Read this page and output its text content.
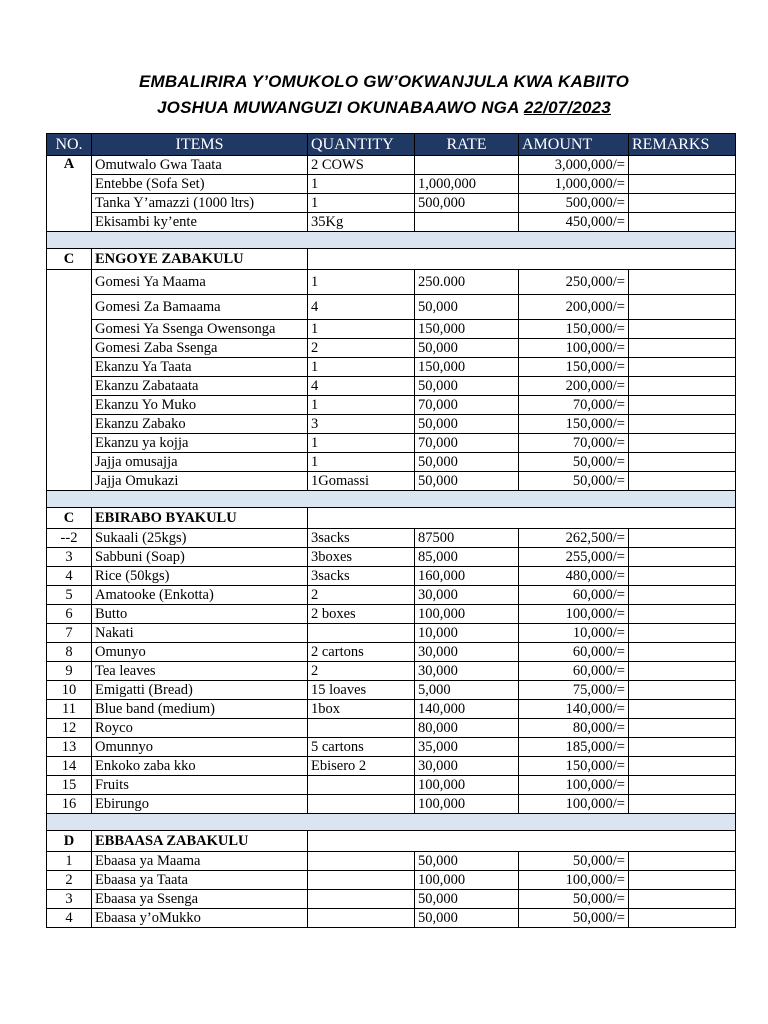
EMBALIRIRA Y’OMUKOLO GW’OKWANJULA KWA KABIITO
JOSHUA MUWANGUZI OKUNABAAWO NGA 22/07/2023
NO.	ITEMS	QUANTITY	RATE	AMOUNT	REMARKS
A	Omutwalo Gwa Taata	2 COWS		3,000,000/=	
	Entebbe (Sofa Set)	1	1,000,000	1,000,000/=	
	Tanka Y’amazzi (1000 ltrs)	1	500,000	500,000/=	
	Ekisambi ky’ente	35Kg		450,000/=	

C	ENGOYE ZABAKULU				
	Gomesi Ya Maama	1	250.000	250,000/=	
	Gomesi Za Bamaama	4	50,000	200,000/=	
	Gomesi Ya Ssenga Owensonga	1	150,000	150,000/=	
	Gomesi Zaba Ssenga	2	50,000	100,000/=	
	Ekanzu Ya Taata	1	150,000	150,000/=	
	Ekanzu Zabataata	4	50,000	200,000/=	
	Ekanzu Yo Muko	1	70,000	70,000/=	
	Ekanzu Zabako	3	50,000	150,000/=	
	Ekanzu ya kojja	1	70,000	70,000/=	
	Jajja omusajja	1	50,000	50,000/=	
	Jajja Omukazi	1Gomassi	50,000	50,000/=	

C	EBIRABO BYAKULU				
--2	Sukaali (25kgs)	3sacks	87500	262,500/=	
3	Sabbuni (Soap)	3boxes	85,000	255,000/=	
4	Rice (50kgs)	3sacks	160,000	480,000/=	
5	Amatooke (Enkotta)	2	30,000	60,000/=	
6	Butto	2 boxes	100,000	100,000/=	
7	Nakati		10,000	10,000/=	
8	Omunyo	2 cartons	30,000	60,000/=	
9	Tea leaves	2	30,000	60,000/=	
10	Emigatti (Bread)	15 loaves	5,000	75,000/=	
11	Blue band (medium)	1box	140,000	140,000/=	
12	Royco		80,000	80,000/=	
13	Omunnyo	5 cartons	35,000	185,000/=	
14	Enkoko zaba kko	Ebisero 2	30,000	150,000/=	
15	Fruits		100,000	100,000/=	
16	Ebirungo		100,000	100,000/=	

D	EBBAASA ZABAKULU				
1	Ebaasa ya Maama		50,000	50,000/=	
2	Ebaasa ya Taata		100,000	100,000/=	
3	Ebaasa ya Ssenga		50,000	50,000/=	
4	Ebaasa y’oMukko		50,000	50,000/=	
